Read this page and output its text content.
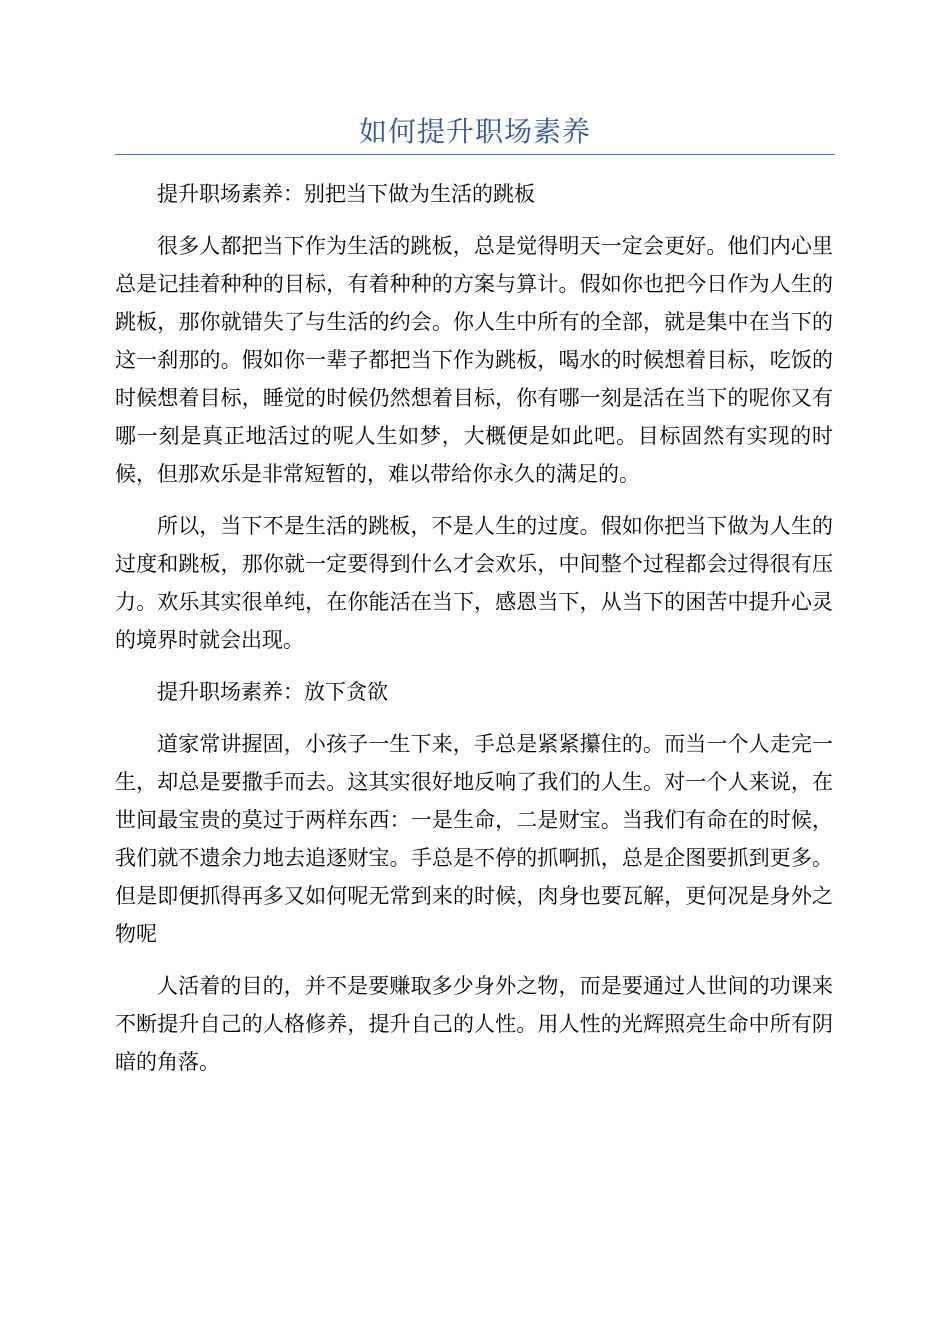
如何提升职场素养

提升职场素养：别把当下做为生活的跳板

很多人都把当下作为生活的跳板，总是觉得明天一定会更好。他们内心里总是记挂着种种的目标，有着种种的方案与算计。假如你也把今日作为人生的跳板，那你就错失了与生活的约会。你人生中所有的全部，就是集中在当下的这一刹那的。假如你一辈子都把当下作为跳板，喝水的时候想着目标，吃饭的时候想着目标，睡觉的时候仍然想着目标，你有哪一刻是活在当下的呢你又有哪一刻是真正地活过的呢人生如梦，大概便是如此吧。目标固然有实现的时候，但那欢乐是非常短暂的，难以带给你永久的满足的。

所以，当下不是生活的跳板，不是人生的过度。假如你把当下做为人生的过度和跳板，那你就一定要得到什么才会欢乐，中间整个过程都会过得很有压力。欢乐其实很单纯，在你能活在当下，感恩当下，从当下的困苦中提升心灵的境界时就会出现。

提升职场素养：放下贪欲

道家常讲握固，小孩子一生下来，手总是紧紧攥住的。而当一个人走完一生，却总是要撒手而去。这其实很好地反响了我们的人生。对一个人来说，在世间最宝贵的莫过于两样东西：一是生命，二是财宝。当我们有命在的时候，我们就不遗余力地去追逐财宝。手总是不停的抓啊抓，总是企图要抓到更多。但是即便抓得再多又如何呢无常到来的时候，肉身也要瓦解，更何况是身外之物呢

人活着的目的，并不是要赚取多少身外之物，而是要通过人世间的功课来不断提升自己的人格修养，提升自己的人性。用人性的光辉照亮生命中所有阴暗的角落。
